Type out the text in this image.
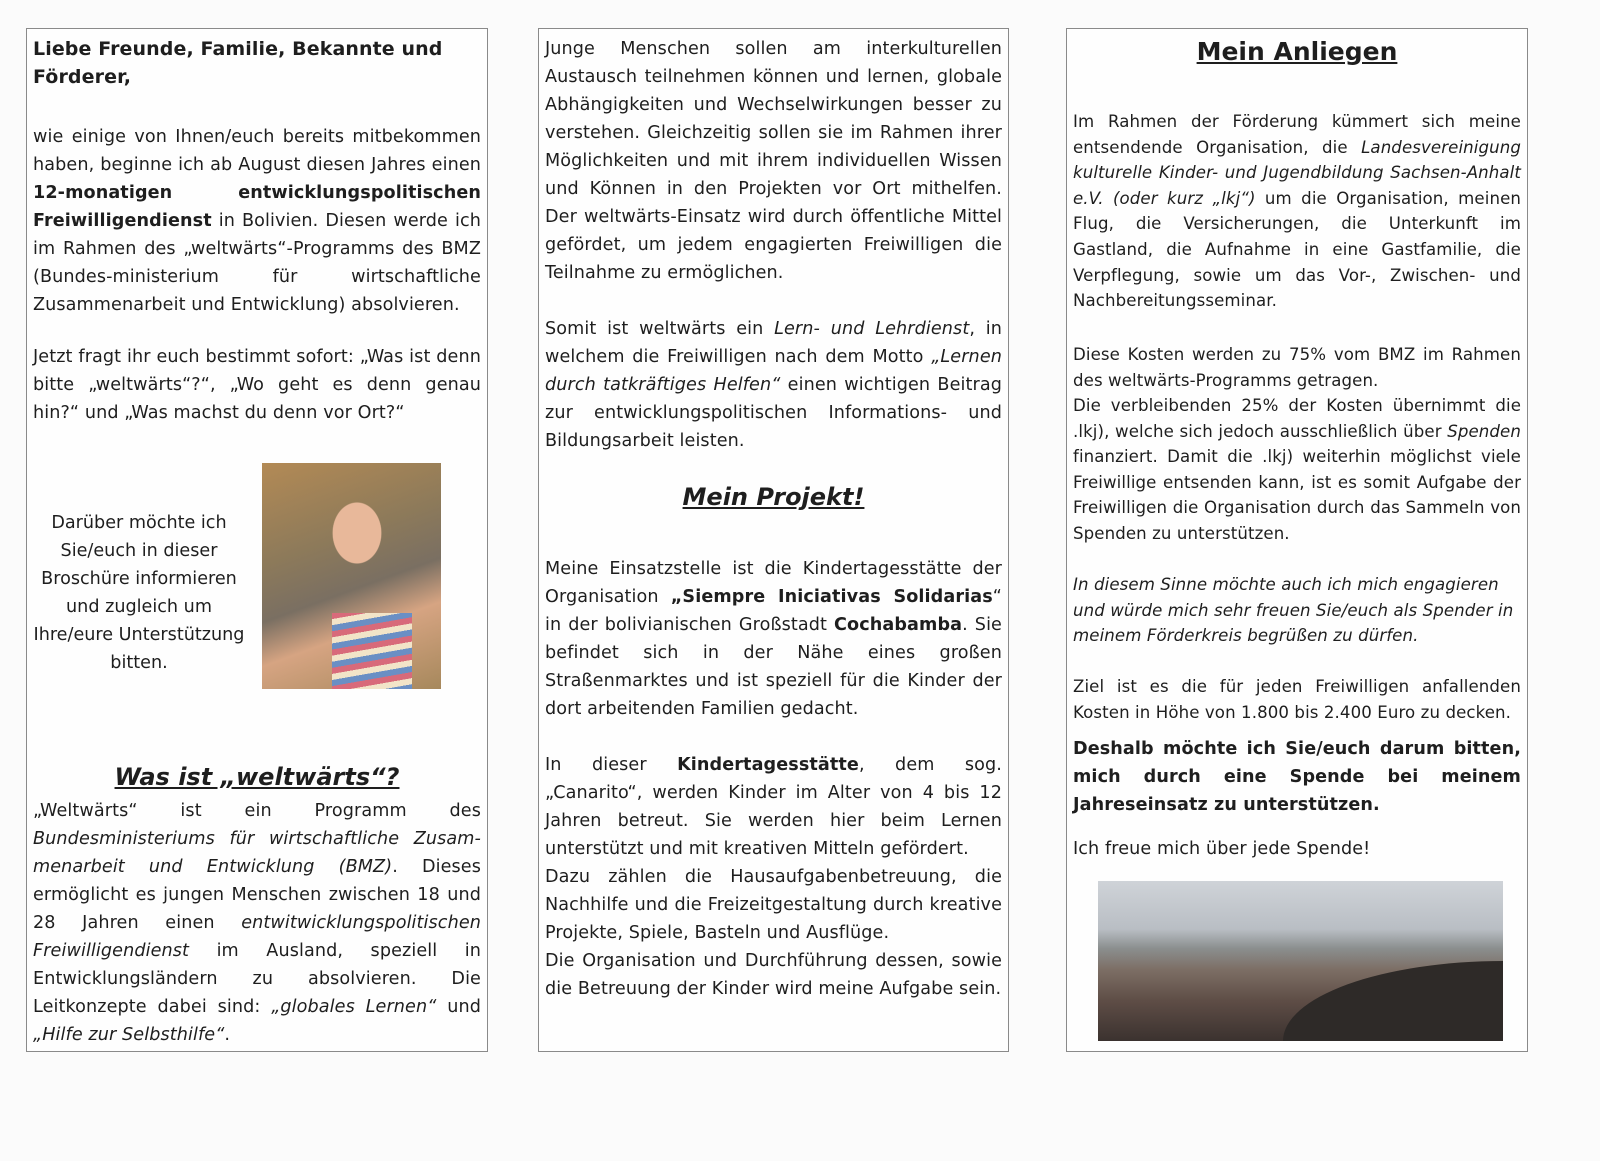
Liebe Freunde, Familie, Bekannte und Förderer,

wie einige von Ihnen/euch bereits mitbekommen haben, beginne ich ab August diesen Jahres einen 12-monatigen entwicklungspolitischen Freiwilligendienst in Bolivien. Diesen werde ich im Rahmen des „weltwärts“-Programms des BMZ (Bundes-ministerium für wirtschaftliche Zusammenarbeit und Entwicklung) absolvieren.

Jetzt fragt ihr euch bestimmt sofort: „Was ist denn bitte „weltwärts“?“, „Wo geht es denn genau hin?“ und „Was machst du denn vor Ort?“

Darüber möchte ich Sie/euch in dieser Broschüre informieren und zugleich um Ihre/eure Unterstützung bitten.

Was ist „weltwärts“?

„Weltwärts“ ist ein Programm des Bundesministeriums für wirtschaftliche Zusam-menarbeit und Entwicklung (BMZ). Dieses ermöglicht es jungen Menschen zwischen 18 und 28 Jahren einen entwitwicklungspolitischen Freiwilligendienst im Ausland, speziell in Entwicklungsländern zu absolvieren. Die Leitkonzepte dabei sind: „globales Lernen“ und „Hilfe zur Selbsthilfe“.

Junge Menschen sollen am interkulturellen Austausch teilnehmen können und lernen, globale Abhängigkeiten und Wechselwirkungen besser zu verstehen. Gleichzeitig sollen sie im Rahmen ihrer Möglichkeiten und mit ihrem individuellen Wissen und Können in den Projekten vor Ort mithelfen. Der weltwärts-Einsatz wird durch öffentliche Mittel gefördet, um jedem engagierten Freiwilligen die Teilnahme zu ermöglichen.

Somit ist weltwärts ein Lern- und Lehrdienst, in welchem die Freiwilligen nach dem Motto „Lernen durch tatkräftiges Helfen“ einen wichtigen Beitrag zur entwicklungspolitischen Informations- und Bildungsarbeit leisten.

Mein Projekt!

Meine Einsatzstelle ist die Kindertagesstätte der Organisation „Siempre Iniciativas Solidarias“ in der bolivianischen Großstadt Cochabamba. Sie befindet sich in der Nähe eines großen Straßenmarktes und ist speziell für die Kinder der dort arbeitenden Familien gedacht.

In dieser Kindertagesstätte, dem sog. „Canarito“, werden Kinder im Alter von 4 bis 12 Jahren betreut. Sie werden hier beim Lernen unterstützt und mit kreativen Mitteln gefördert.

Dazu zählen die Hausaufgabenbetreuung, die Nachhilfe und die Freizeitgestaltung durch kreative Projekte, Spiele, Basteln und Ausflüge.

Die Organisation und Durchführung dessen, sowie die Betreuung der Kinder wird meine Aufgabe sein.

Mein Anliegen

Im Rahmen der Förderung kümmert sich meine entsendende Organisation, die Landesvereinigung kulturelle Kinder- und Jugendbildung Sachsen-Anhalt e.V. (oder kurz „lkj“) um die Organisation, meinen Flug, die Versicherungen, die Unterkunft im Gastland, die Aufnahme in eine Gastfamilie, die Verpflegung, sowie um das Vor-, Zwischen- und Nachbereitungsseminar.

Diese Kosten werden zu 75% vom BMZ im Rahmen des weltwärts-Programms getragen.

Die verbleibenden 25% der Kosten übernimmt die .lkj), welche sich jedoch ausschließlich über Spenden finanziert. Damit die .lkj) weiterhin möglichst viele Freiwillige entsenden kann, ist es somit Aufgabe der Freiwilligen die Organisation durch das Sammeln von Spenden zu unterstützen.

In diesem Sinne möchte auch ich mich engagieren und würde mich sehr freuen Sie/euch als Spender in meinem Förderkreis begrüßen zu dürfen.

Ziel ist es die für jeden Freiwilligen anfallenden Kosten in Höhe von 1.800 bis 2.400 Euro zu decken.

Deshalb möchte ich Sie/euch darum bitten, mich durch eine Spende bei meinem Jahreseinsatz zu unterstützen.

Ich freue mich über jede Spende!
